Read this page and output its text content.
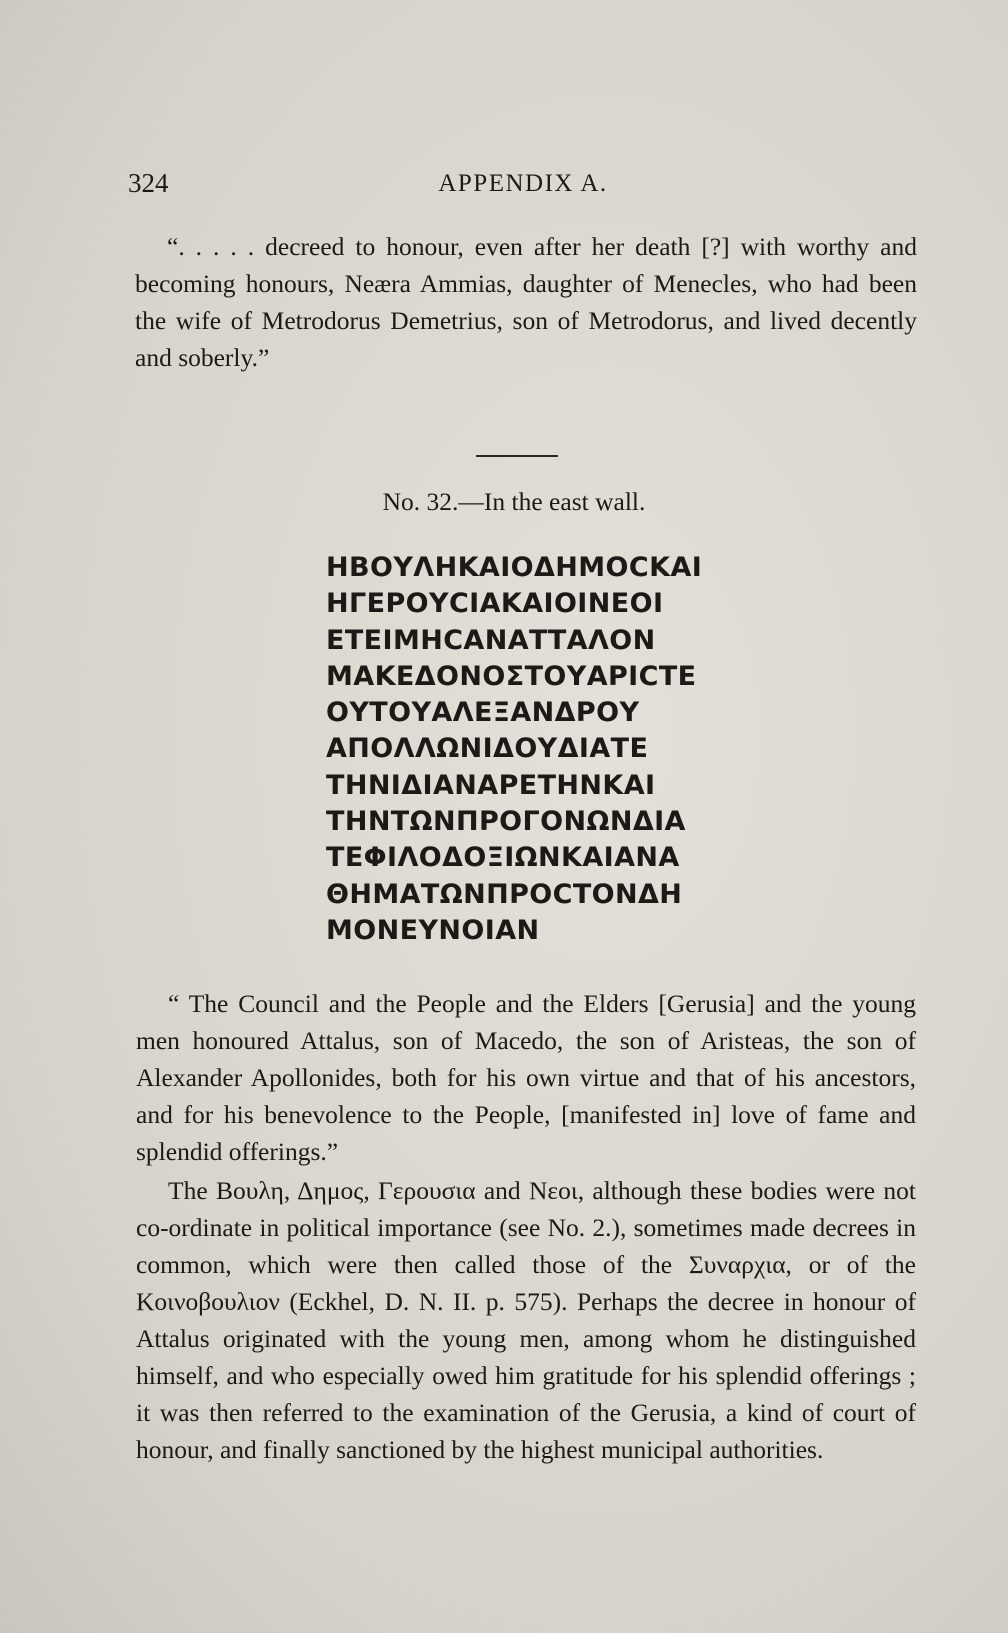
324	APPENDIX A.

“. . . . . decreed to honour, even after her death [?] with worthy and becoming honours, Neæra Ammias, daughter of Menecles, who had been the wife of Metrodorus Demetrius, son of Metrodorus, and lived decently and soberly.”

No. 32.—In the east wall.
ΗΒΟΥΛΗΚΑΙΟΔΗΜΟCΚΑΙ
ΗΓΕΡΟΥCΙΑΚΑΙΟΙΝΕΟΙ
ΕΤΕΙΜΗCΑΝΑΤΤΑΛΟΝ
ΜΑΚΕΔΟΝΟΣΤΟΥΑΡΙCΤΕ
ΟΥΤΟΥΑΛΕΞΑΝΔΡΟΥ
ΑΠΟΛΛΩΝΙΔΟΥΔΙΑΤΕ
ΤΗΝΙΔΙΑΝΑΡΕΤΗΝΚΑΙ
ΤΗΝΤΩΝΠΡΟΓΟΝΩΝΔΙΑ
ΤΕΦΙΛΟΔΟΞΙΩΝΚΑΙΑΝΑ
ΘΗΜΑΤΩΝΠΡΟCΤΟΝΔΗ
ΜΟΝΕΥΝΟΙΑΝ

“ The Council and the People and the Elders [Gerusia] and the young men honoured Attalus, son of Macedo, the son of Aristeas, the son of Alexander Apollonides, both for his own virtue and that of his ancestors, and for his benevolence to the People, [manifested in] love of fame and splendid offerings.”

The Βουλη, Δημος, Γερουσια and Νεοι, although these bodies were not co-ordinate in political importance (see No. 2.), sometimes made decrees in common, which were then called those of the Συναρχια, or of the Κοινοβουλιον (Eckhel, D. N. II. p. 575). Perhaps the decree in honour of Attalus originated with the young men, among whom he distinguished himself, and who especially owed him gratitude for his splendid offerings ; it was then referred to the examination of the Gerusia, a kind of court of honour, and finally sanctioned by the highest municipal authorities.
